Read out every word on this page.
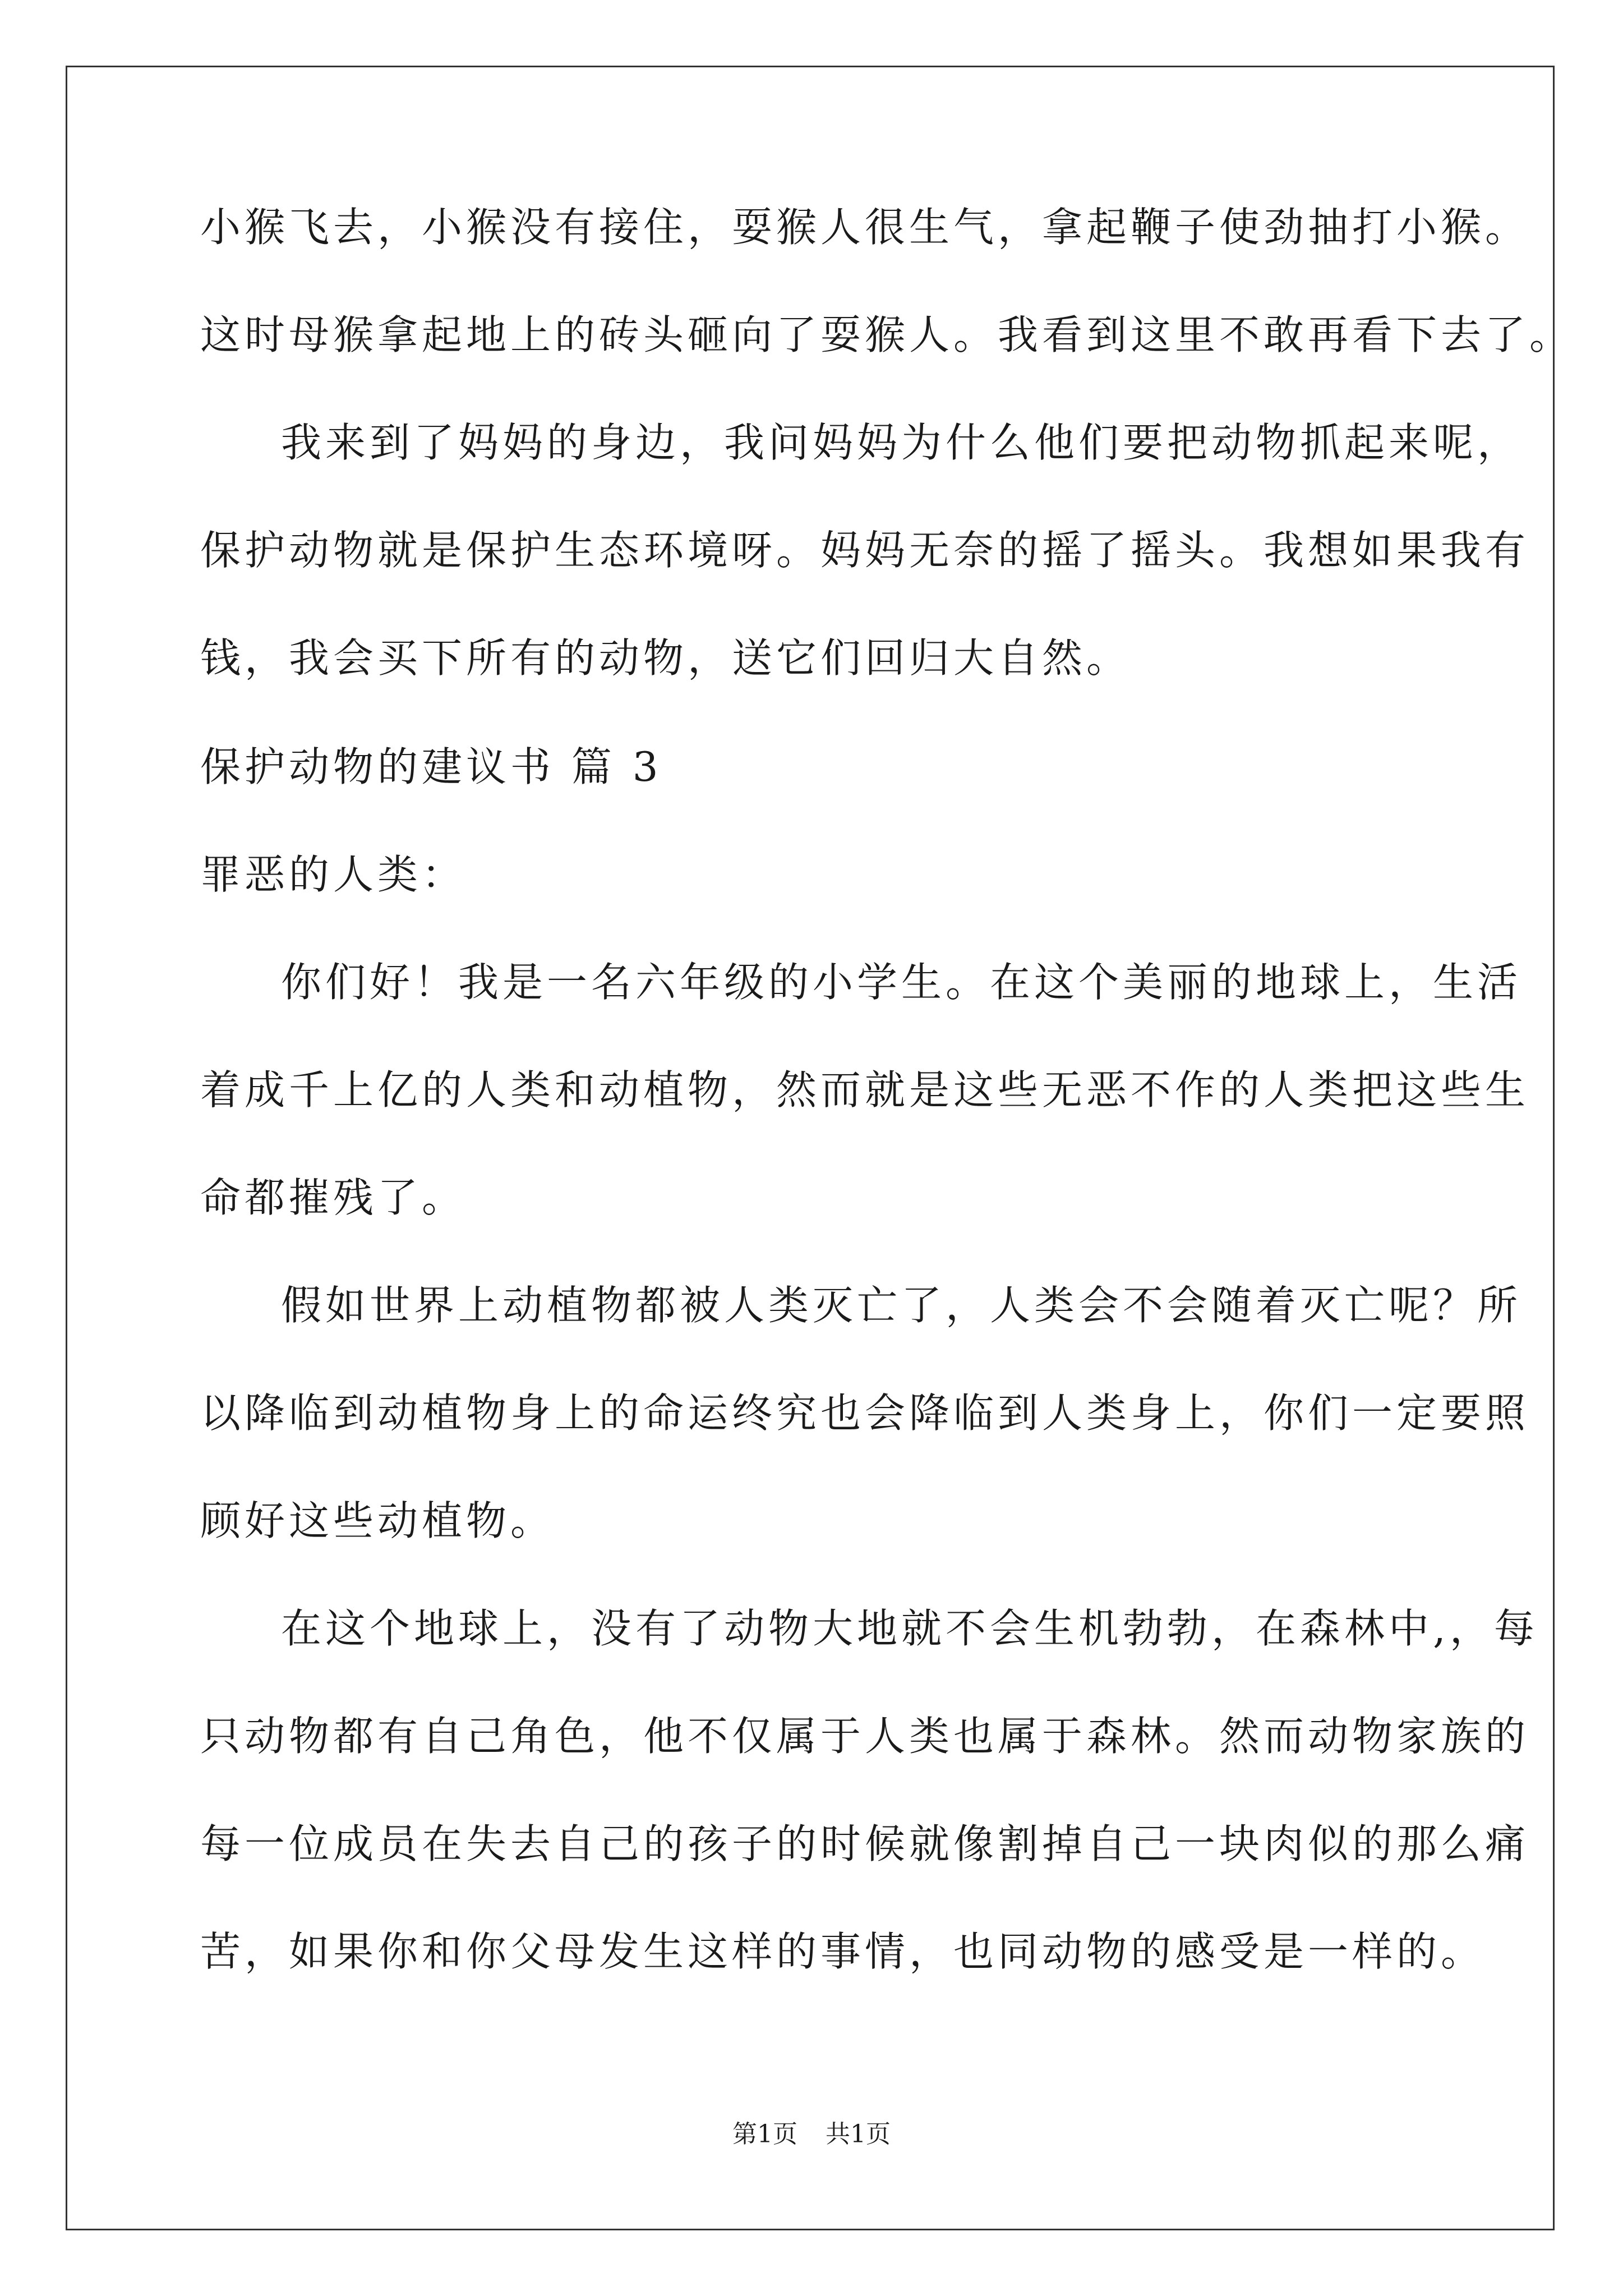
小猴飞去，小猴没有接住，耍猴人很生气，拿起鞭子使劲抽打小猴。
这时母猴拿起地上的砖头砸向了耍猴人。我看到这里不敢再看下去了。
我来到了妈妈的身边，我问妈妈为什么他们要把动物抓起来呢，
保护动物就是保护生态环境呀。妈妈无奈的摇了摇头。我想如果我有
钱，我会买下所有的动物，送它们回归大自然。
保护动物的建议书 篇 3
罪恶的人类：
你们好！我是一名六年级的小学生。在这个美丽的地球上，生活
着成千上亿的人类和动植物，然而就是这些无恶不作的人类把这些生
命都摧残了。
假如世界上动植物都被人类灭亡了，人类会不会随着灭亡呢？所
以降临到动植物身上的命运终究也会降临到人类身上，你们一定要照
顾好这些动植物。
在这个地球上，没有了动物大地就不会生机勃勃，在森林中,，每
只动物都有自己角色，他不仅属于人类也属于森林。然而动物家族的
每一位成员在失去自己的孩子的时候就像割掉自己一块肉似的那么痛
苦，如果你和你父母发生这样的事情，也同动物的感受是一样的。
第1页 共1页
